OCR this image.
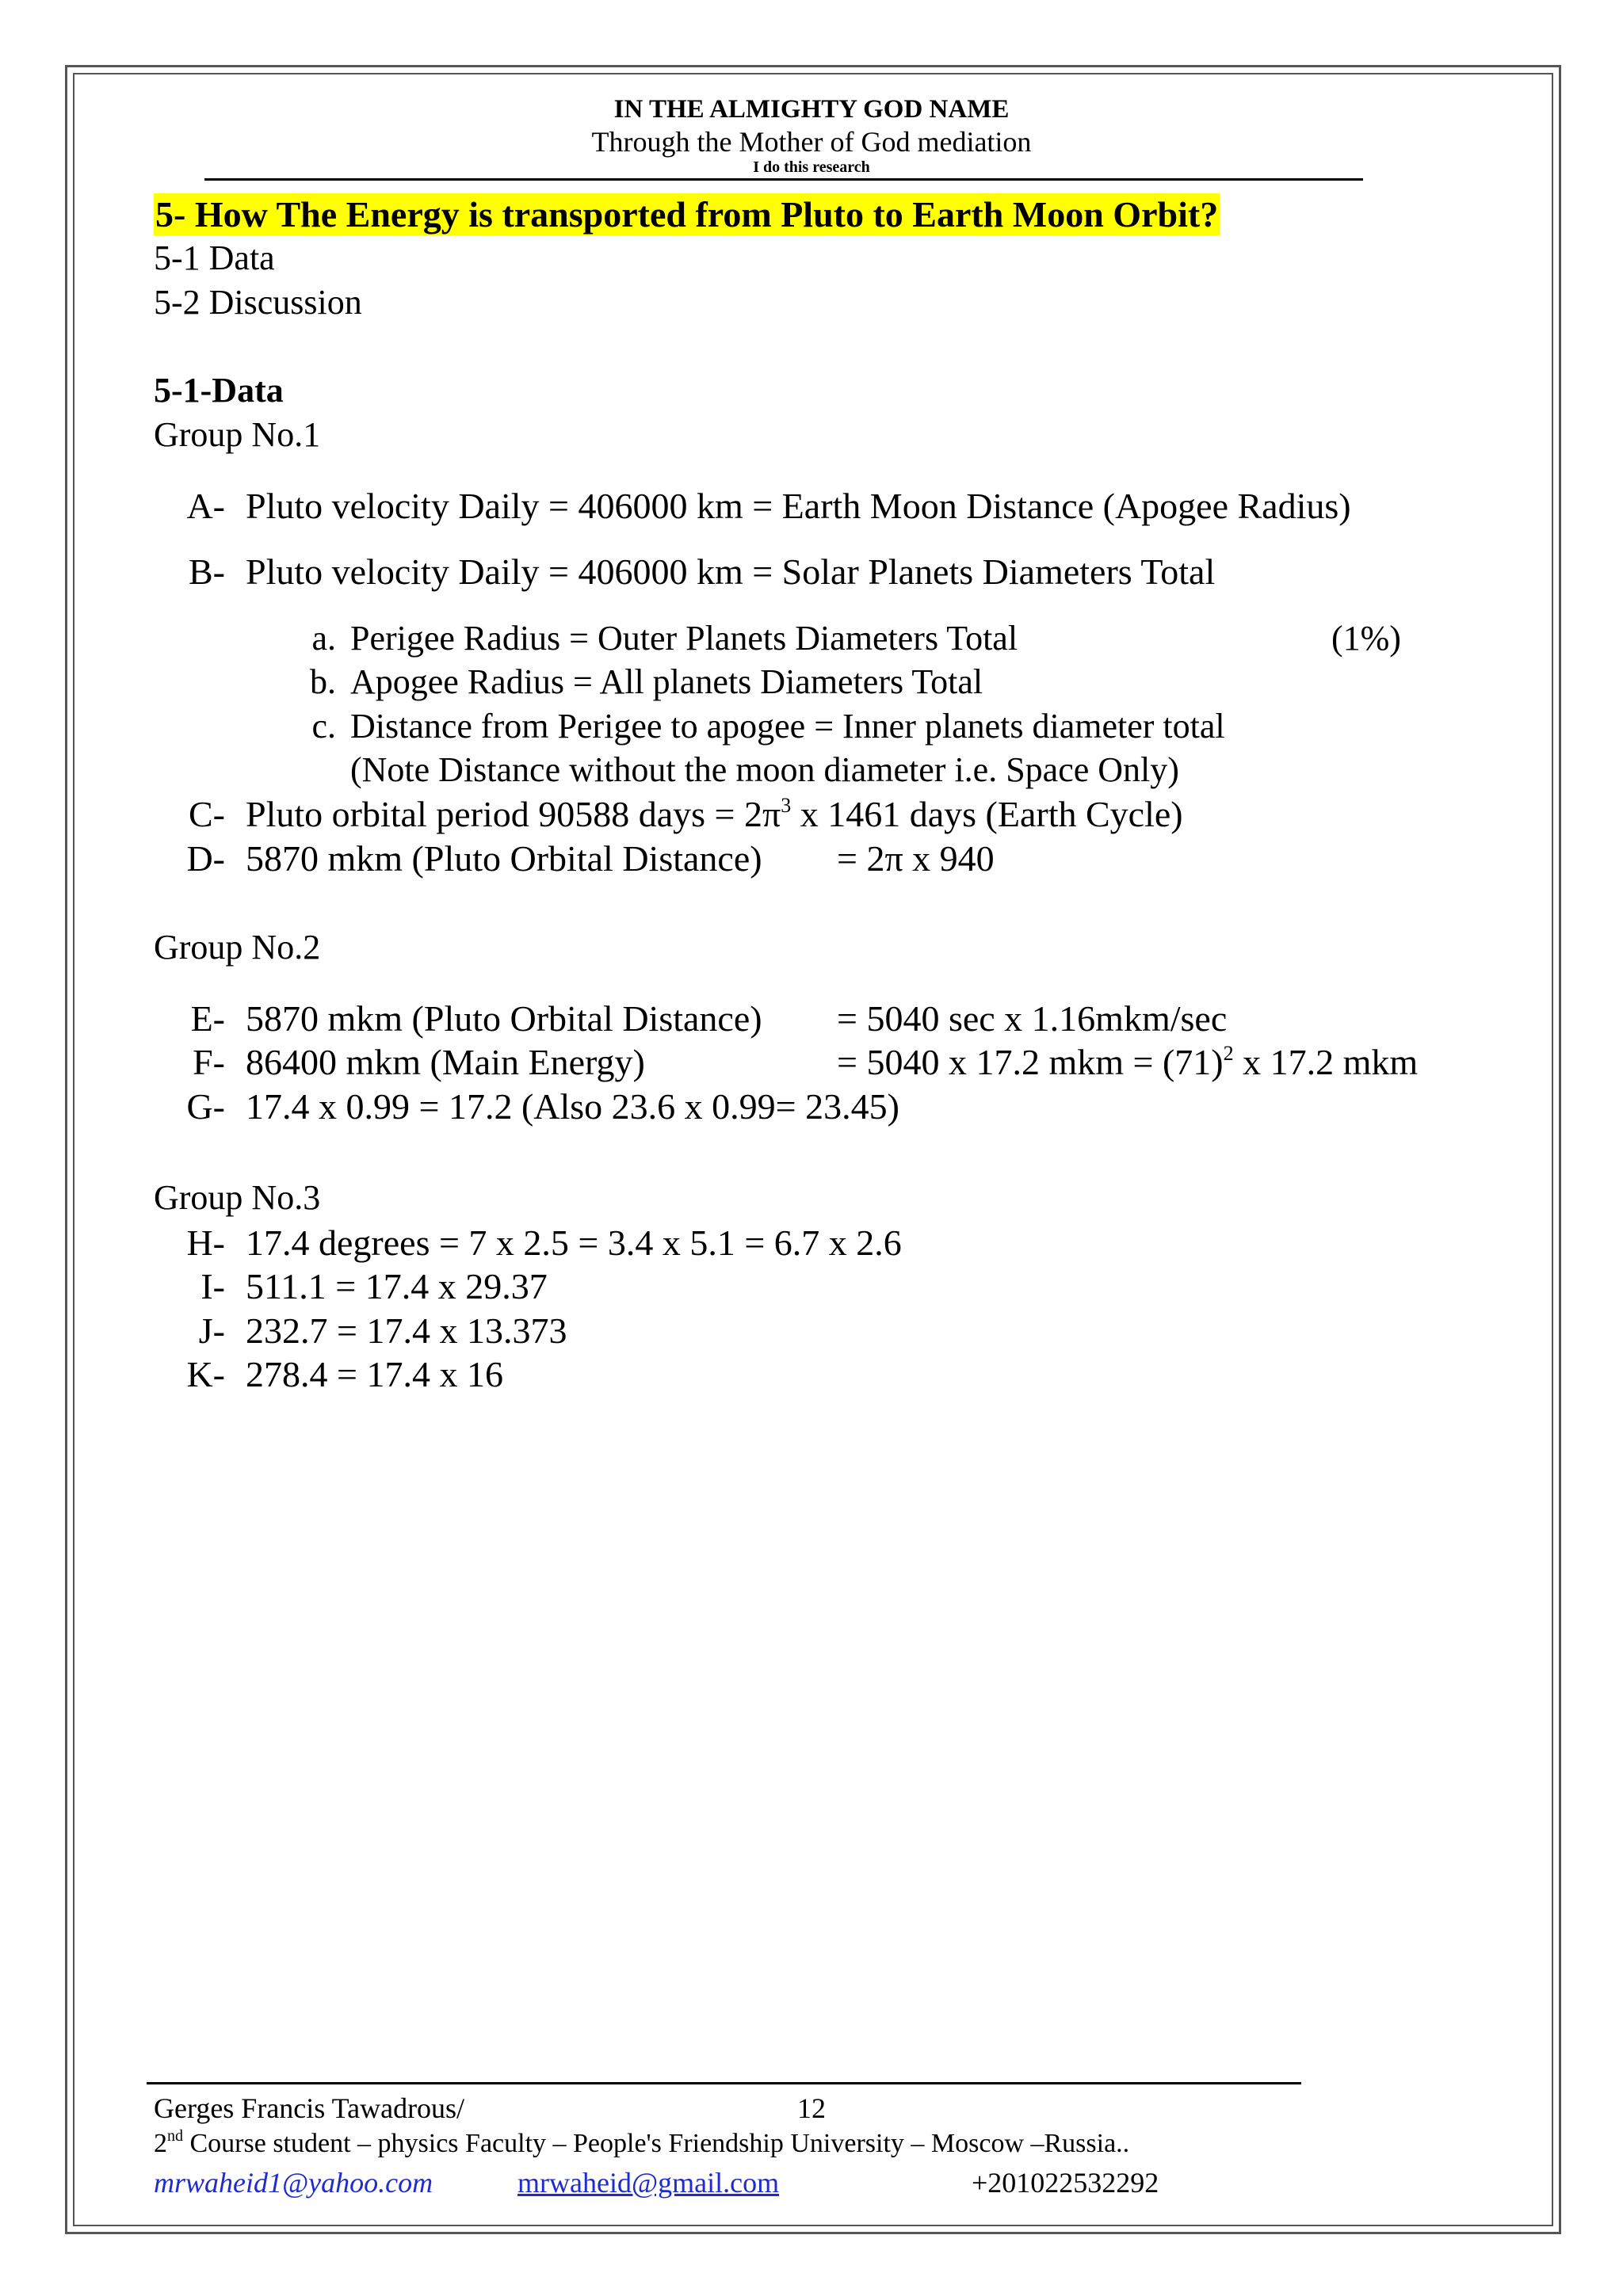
IN THE ALMIGHTY GOD NAME
Through the Mother of God mediation
I do this research
5- How The Energy is transported from Pluto to Earth Moon Orbit?
5-1 Data
5-2 Discussion
5-1-Data
Group No.1
A- Pluto velocity Daily = 406000 km = Earth Moon Distance (Apogee Radius)
B- Pluto velocity Daily = 406000 km = Solar Planets Diameters Total
a. Perigee Radius = Outer Planets Diameters Total	(1%)
b. Apogee Radius = All planets Diameters Total
c. Distance from Perigee to apogee = Inner planets diameter total
(Note Distance without the moon diameter i.e. Space Only)
C- Pluto orbital period 90588 days = $2\pi^3$ x 1461 days (Earth Cycle)
D- 5870 mkm (Pluto Orbital Distance) = 2π x 940
Group No.2
E- 5870 mkm (Pluto Orbital Distance) = 5040 sec x 1.16mkm/sec
F- 86400 mkm (Main Energy)	= 5040 x 17.2 mkm = $(71)^2$ x 17.2 mkm
G- 17.4 x 0.99 = 17.2 (Also 23.6 x 0.99= 23.45)
Group No.3
H- 17.4 degrees = 7 x 2.5 = 3.4 x 5.1 = 6.7 x 2.6
I- 511.1 = 17.4 x 29.37
J- 232.7 = 17.4 x 13.373
K- 278.4 = 17.4 x 16
Gerges Francis Tawadrous/	12
2nd Course student – physics Faculty – People's Friendship University – Moscow –Russia..
mrwaheid1@yahoo.com	mrwaheid@gmail.com	+201022532292
